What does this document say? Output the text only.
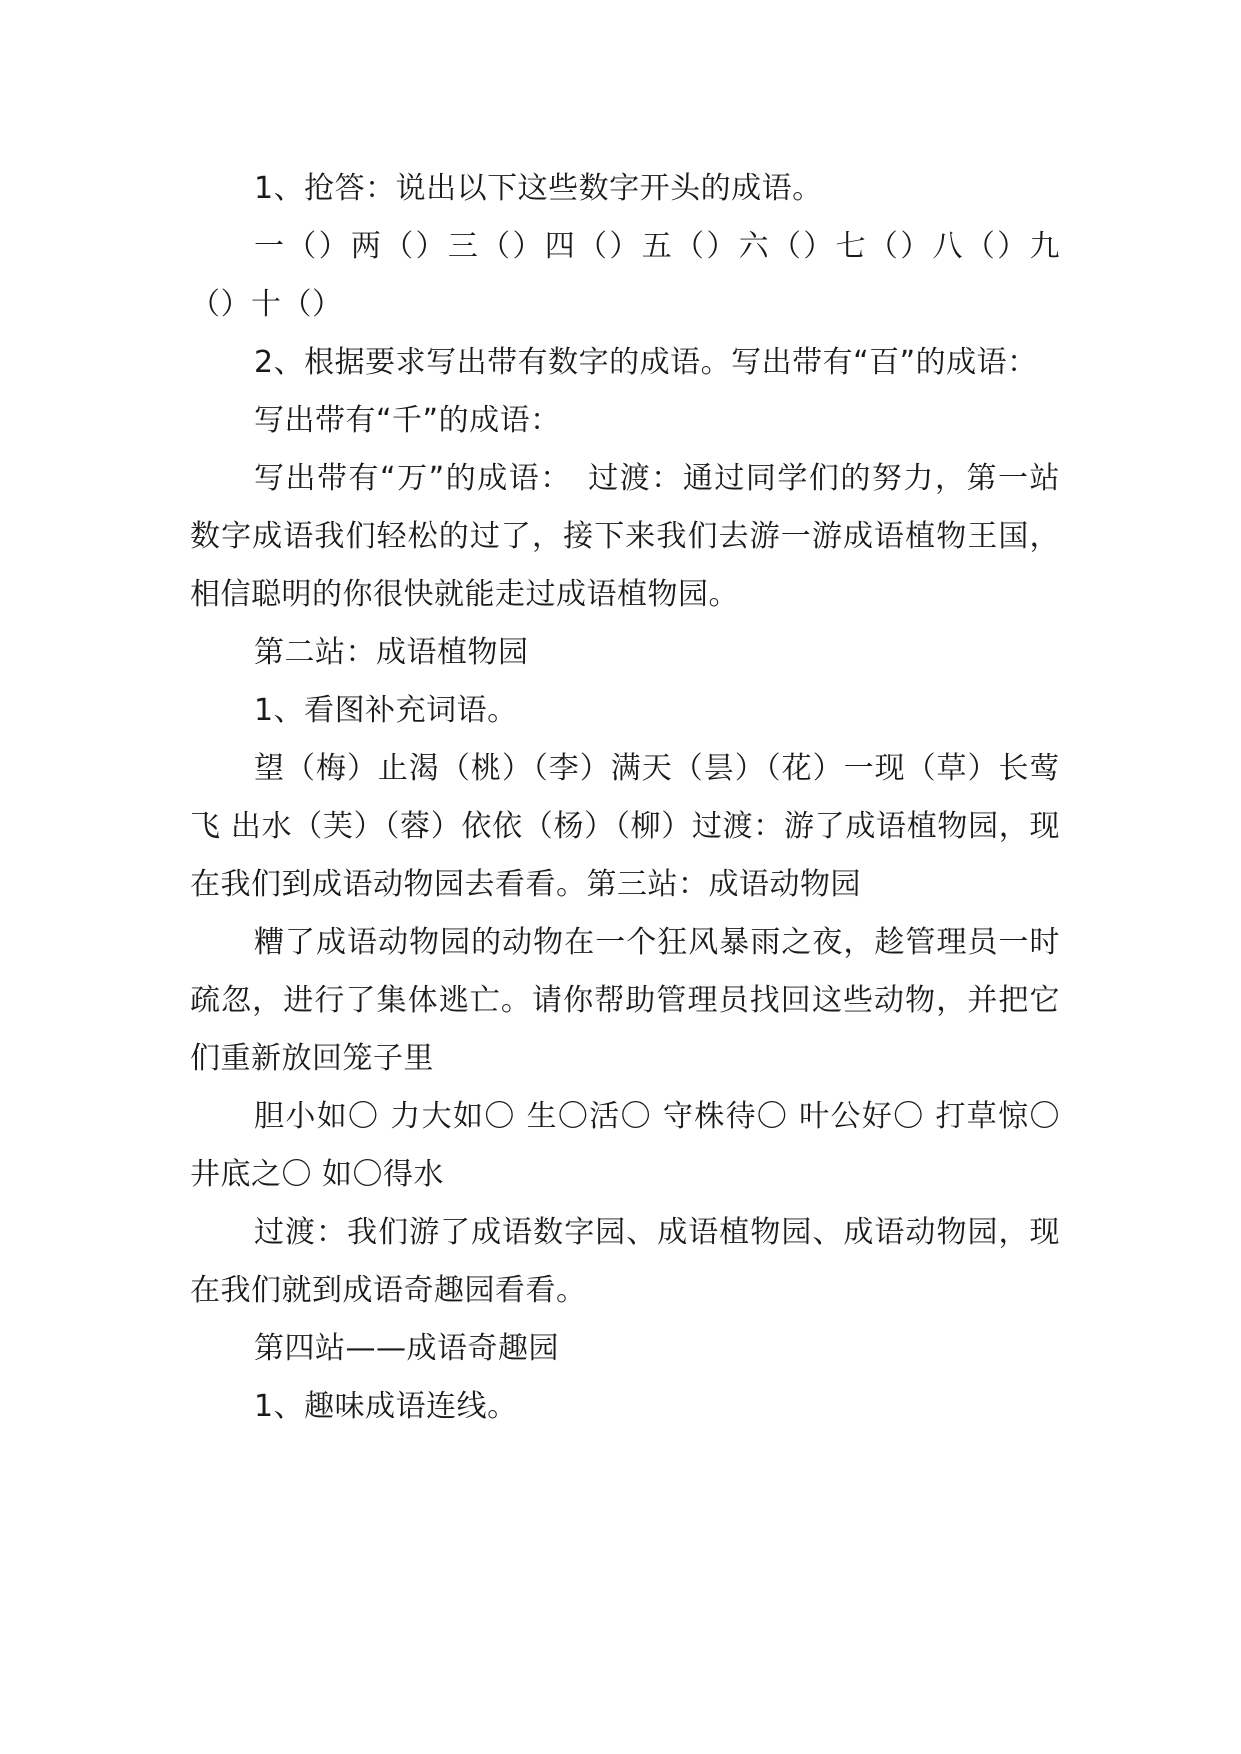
1、抢答：说出以下这些数字开头的成语。

一（）两（）三（）四（）五（）六（）七（）八（）九（）十（）

2、根据要求写出带有数字的成语。写出带有“百”的成语：

写出带有“千”的成语：

写出带有“万”的成语：　过渡：通过同学们的努力，第一站数字成语我们轻松的过了，接下来我们去游一游成语植物王国，相信聪明的你很快就能走过成语植物园。

第二站：成语植物园

1、看图补充词语。

望（梅）止渴（桃）（李）满天（昙）（花）一现（草）长莺飞 出水（芙）（蓉）依依（杨）（柳）过渡：游了成语植物园，现在我们到成语动物园去看看。第三站：成语动物园

糟了成语动物园的动物在一个狂风暴雨之夜，趁管理员一时疏忽，进行了集体逃亡。请你帮助管理员找回这些动物，并把它们重新放回笼子里

胆小如〇 力大如〇 生〇活〇 守株待〇 叶公好〇 打草惊〇 井底之〇 如〇得水

过渡：我们游了成语数字园、成语植物园、成语动物园，现在我们就到成语奇趣园看看。

第四站——成语奇趣园

1、趣味成语连线。
